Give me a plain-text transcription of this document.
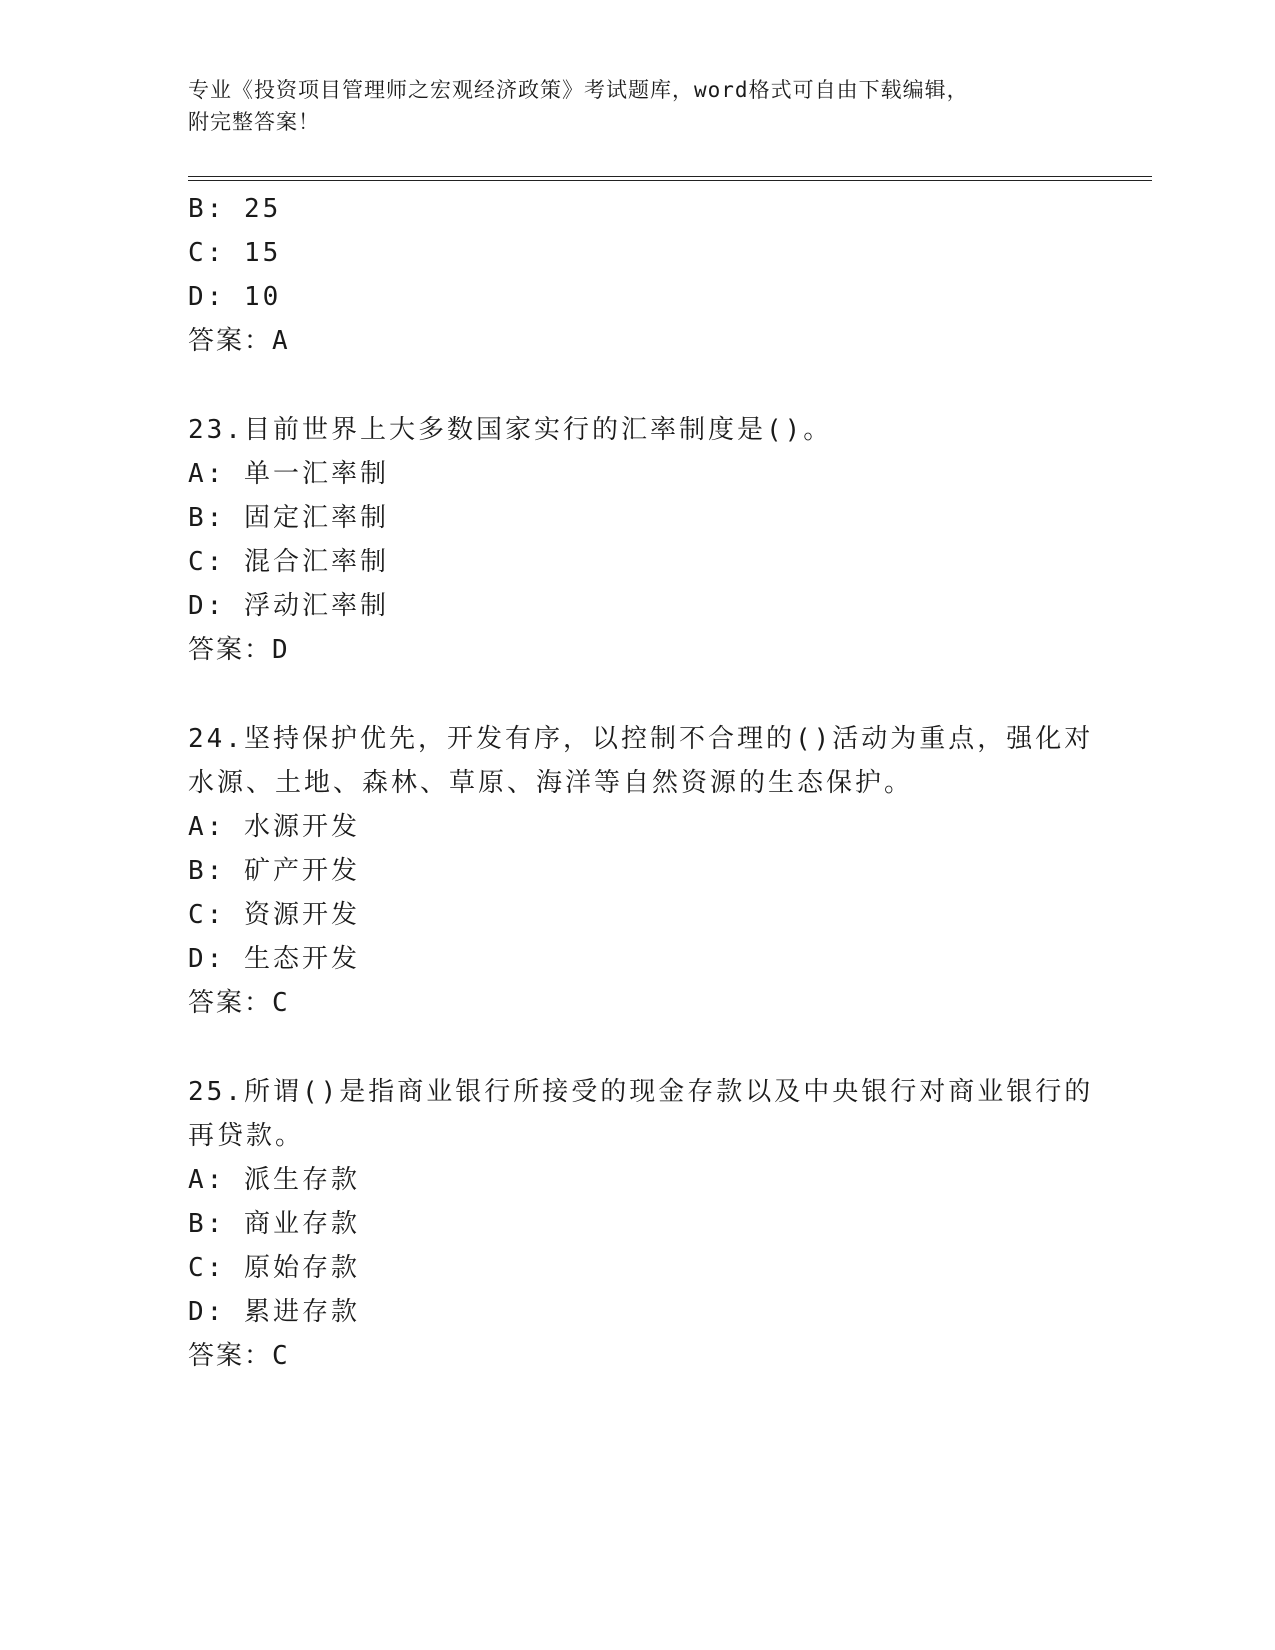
专业《投资项目管理师之宏观经济政策》考试题库，word格式可自由下载编辑，
附完整答案！
B: 25
C: 15
D: 10
答案：A
23.目前世界上大多数国家实行的汇率制度是()。
A: 单一汇率制
B: 固定汇率制
C: 混合汇率制
D: 浮动汇率制
答案：D
24.坚持保护优先，开发有序，以控制不合理的()活动为重点，强化对
水源、土地、森林、草原、海洋等自然资源的生态保护。
A: 水源开发
B: 矿产开发
C: 资源开发
D: 生态开发
答案：C
25.所谓()是指商业银行所接受的现金存款以及中央银行对商业银行的
再贷款。
A: 派生存款
B: 商业存款
C: 原始存款
D: 累进存款
答案：C
